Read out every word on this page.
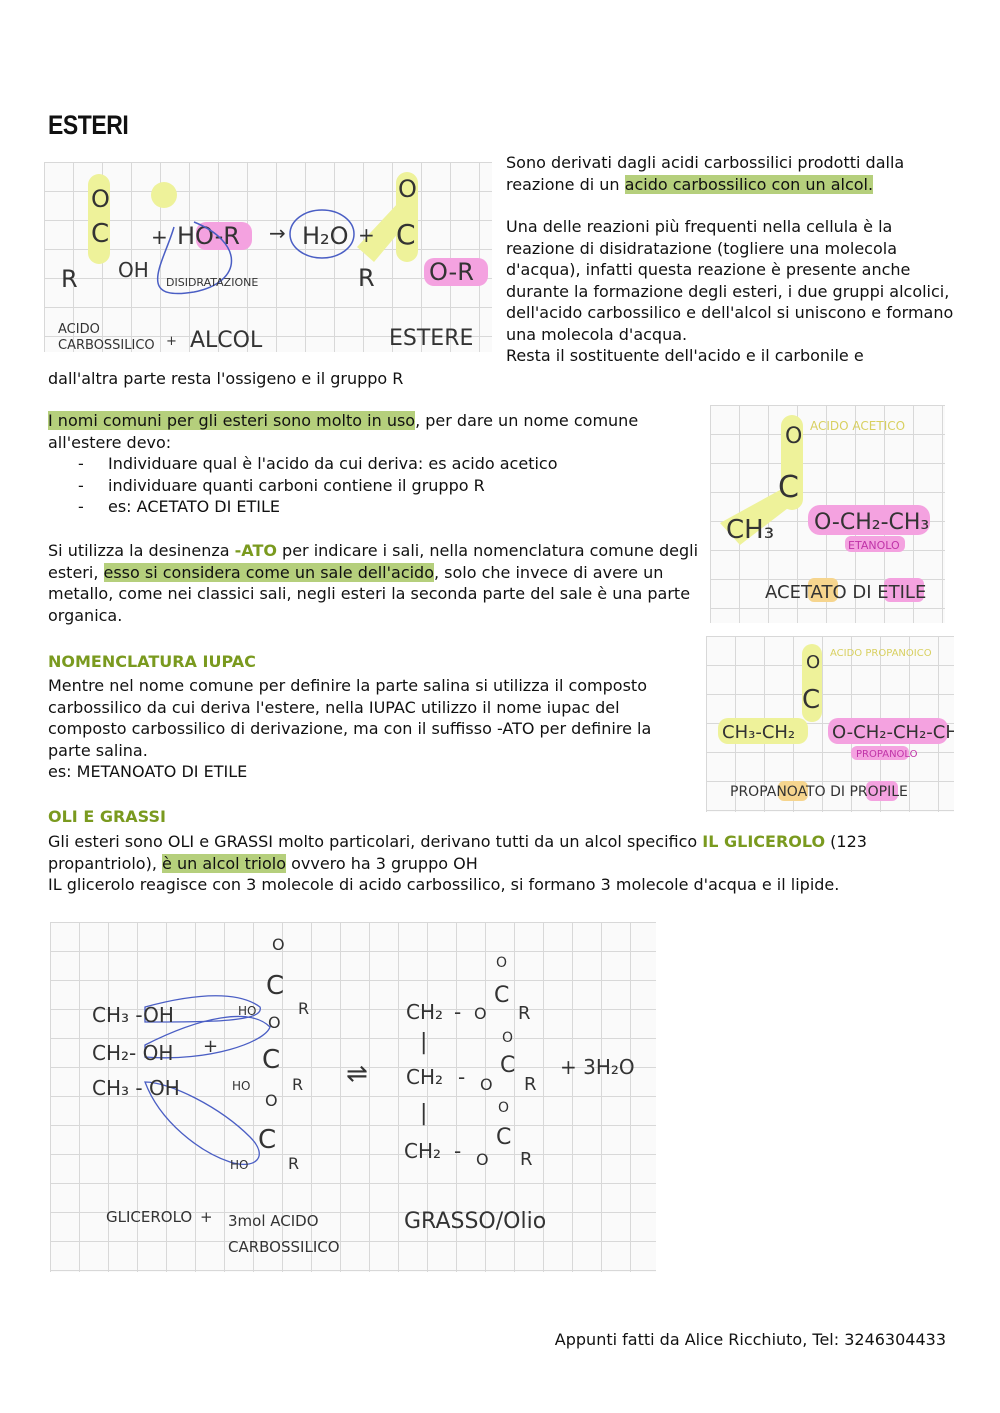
ESTERI
O
C
R OH
+ HO-R → H₂O +
O
C
R O-R
DISIDRATAZIONE
ACIDO
CARBOSSILICO + ALCOL	ESTERE
Sono derivati dagli acidi carbossilici prodotti dalla reazione di un acido carbossilico con un alcol.
Una delle reazioni più frequenti nella cellula è la reazione di disidratazione (togliere una molecola d'acqua), infatti questa reazione è presente anche durante la formazione degli esteri, i due gruppi alcolici, dell'acido carbossilico e dell'alcol si uniscono e formano una molecola d'acqua.
Resta il sostituente dell'acido e il carbonile e
dall'altra parte resta l'ossigeno e il gruppo R
I nomi comuni per gli esteri sono molto in uso, per dare un nome comune all'estere devo:
- Individuare qual è l'acido da cui deriva: es acido acetico
- individuare quanti carboni contiene il gruppo R
- es: ACETATO DI ETILE
Si utilizza la desinenza -ATO per indicare i sali, nella nomenclatura comune degli esteri, esso si considera come un sale dell'acido, solo che invece di avere un metallo, come nei classici sali, negli esteri la seconda parte del sale è una parte organica.
O
C
CH₃ O-CH₂-CH₃
ACIDO ACETICO
ETANOLO
ACETATO DI ETILE
NOMENCLATURA IUPAC
Mentre nel nome comune per definire la parte salina si utilizza il composto carbossilico da cui deriva l'estere, nella IUPAC utilizzo il nome iupac del composto carbossilico di derivazione, ma con il suffisso -ATO per definire la parte salina.
es: METANOATO DI ETILE
O
C
CH₃-CH₂ O-CH₂-CH₂-CH₃
ACIDO PROPANOICO
PROPANOLO
PROPANOATO DI PROPILE
OLI E GRASSI
Gli esteri sono OLI e GRASSI molto particolari, derivano tutti da un alcol specifico IL GLICEROLO (123 propantriolo), è un alcol triolo ovvero ha 3 gruppo OH
IL glicerolo reagisce con 3 molecole di acido carbossilico, si formano 3 molecole d'acqua e il lipide.
CH₃ -OH
CH₂- OH
CH₃ - OH
+
O
C
HO	R
O
C
HO	R
O
C
HO R
⇌
CH₂ - O
O
C
R
|
CH₂ - O
O
C
R
+ 3H₂O
|
CH₂ - O
O
C
R
GLICEROLO + 3mol ACIDO
CARBOSSILICO
GRASSO/Olio
Appunti fatti da Alice Ricchiuto, Tel: 3246304433
